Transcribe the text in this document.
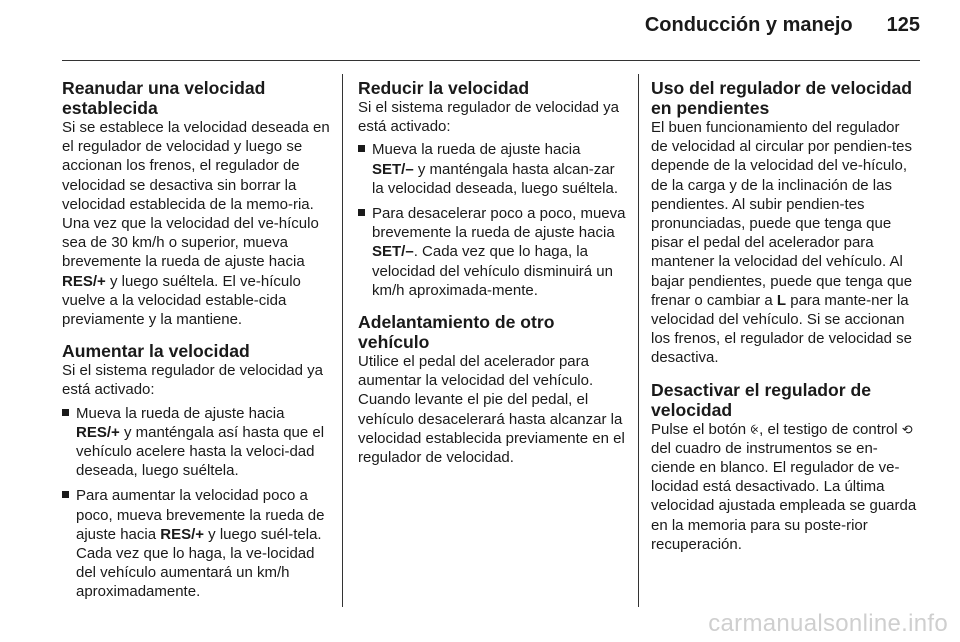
Conducción y manejo 125
Reanudar una velocidad establecida

Si se establece la velocidad deseada en el regulador de velocidad y luego se accionan los frenos, el regulador de velocidad se desactiva sin borrar la velocidad establecida de la memo-ria. Una vez que la velocidad del ve-hículo sea de 30 km/h o superior, mueva brevemente la rueda de ajuste hacia RES/+ y luego suéltela. El ve-hículo vuelve a la velocidad estable-cida previamente y la mantiene.

Aumentar la velocidad

Si el sistema regulador de velocidad ya está activado:

Mueva la rueda de ajuste hacia RES/+ y manténgala así hasta que el vehículo acelere hasta la veloci-dad deseada, luego suéltela.
Para aumentar la velocidad poco a poco, mueva brevemente la rueda de ajuste hacia RES/+ y luego suél-tela. Cada vez que lo haga, la ve-locidad del vehículo aumentará un km/h aproximadamente.
Reducir la velocidad

Si el sistema regulador de velocidad ya está activado:

Mueva la rueda de ajuste hacia SET/– y manténgala hasta alcan-zar la velocidad deseada, luego suéltela.
Para desacelerar poco a poco, mueva brevemente la rueda de ajuste hacia SET/–. Cada vez que lo haga, la velocidad del vehículo disminuirá un km/h aproximada-mente.
Adelantamiento de otro vehículo

Utilice el pedal del acelerador para aumentar la velocidad del vehículo. Cuando levante el pie del pedal, el vehículo desacelerará hasta alcanzar la velocidad establecida previamente en el regulador de velocidad.

Uso del regulador de velocidad en pendientes

El buen funcionamiento del regulador de velocidad al circular por pendien-tes depende de la velocidad del ve-hículo, de la carga y de la inclinación de las pendientes. Al subir pendien-tes pronunciadas, puede que tenga que pisar el pedal del acelerador para mantener la velocidad del vehículo. Al bajar pendientes, puede que tenga que frenar o cambiar a L para mante-ner la velocidad del vehículo. Si se accionan los frenos, el regulador de velocidad se desactiva.

Desactivar el regulador de velocidad

Pulse el botón ⨴, el testigo de control ⟲ del cuadro de instrumentos se en-ciende en blanco. El regulador de ve-locidad está desactivado. La última velocidad ajustada empleada se guarda en la memoria para su poste-rior recuperación.

carmanualsonline.info
